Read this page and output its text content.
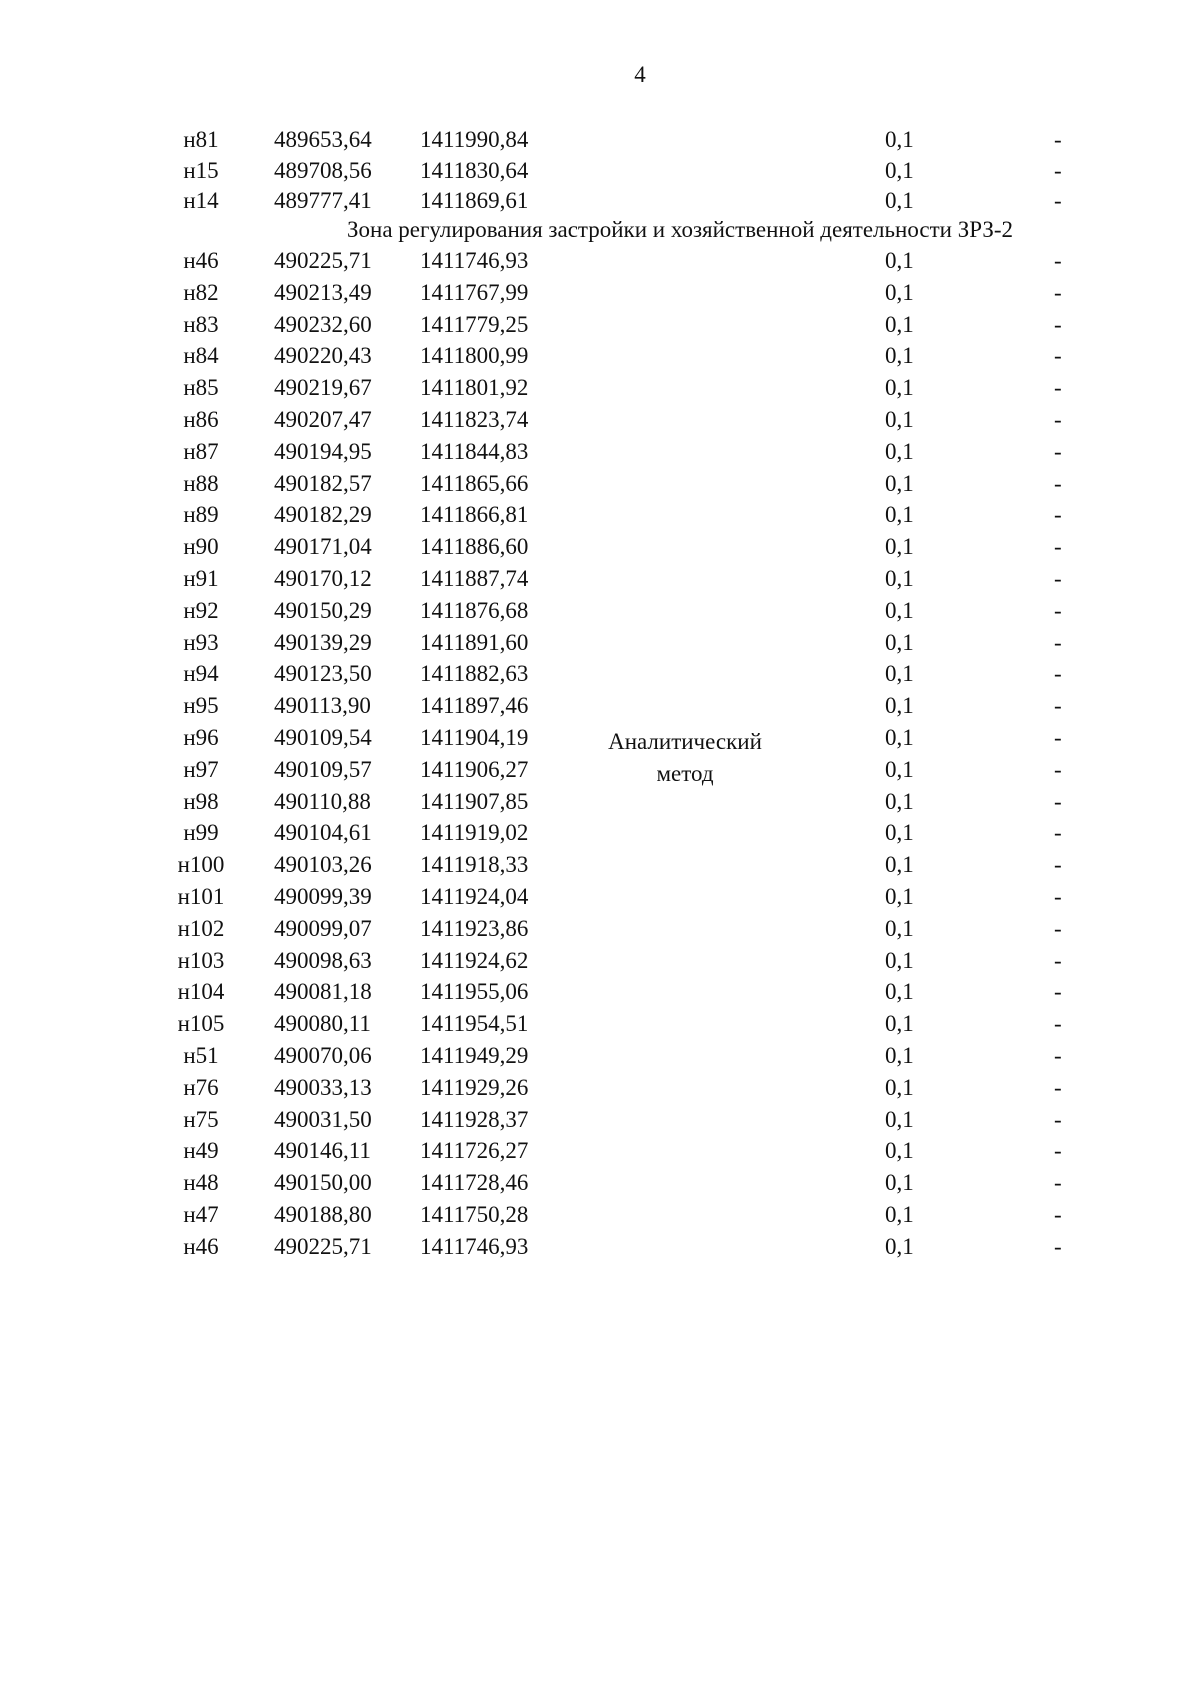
4
н81	489653,64 1411990,84	0,1	-
н15	489708,56 1411830,64	0,1	-
н14	489777,41 1411869,61	0,1	-
Зона регулирования застройки и хозяйственной деятельности ЗРЗ-2
н46	490225,71 1411746,93	0,1	-
н82	490213,49 1411767,99	0,1	-
н83	490232,60 1411779,25	0,1	-
н84	490220,43 1411800,99	0,1	-
н85	490219,67 1411801,92	0,1	-
н86	490207,47 1411823,74	0,1	-
н87	490194,95 1411844,83	0,1	-
н88	490182,57 1411865,66	0,1	-
н89	490182,29 1411866,81	0,1	-
н90	490171,04 1411886,60	0,1	-
н91	490170,12 1411887,74	0,1	-
н92	490150,29 1411876,68	0,1	-
н93	490139,29 1411891,60	0,1	-
н94	490123,50 1411882,63	0,1	-
н95	490113,90 1411897,46	0,1	-
н96	490109,54 1411904,19	0,1	-
н97	490109,57 1411906,27	0,1	-
н98	490110,88 1411907,85	0,1	-
н99	490104,61 1411919,02	0,1	-
н100	490103,26 1411918,33	0,1	-
н101	490099,39 1411924,04	0,1	-
н102	490099,07 1411923,86	0,1	-
н103	490098,63 1411924,62	0,1	-
н104	490081,18 1411955,06	0,1	-
н105	490080,11 1411954,51	0,1	-
н51	490070,06 1411949,29	0,1	-
н76	490033,13 1411929,26	0,1	-
н75	490031,50 1411928,37	0,1	-
н49	490146,11 1411726,27	0,1	-
н48	490150,00 1411728,46	0,1	-
н47	490188,80 1411750,28	0,1	-
н46	490225,71 1411746,93	0,1	-
Аналитический
метод
